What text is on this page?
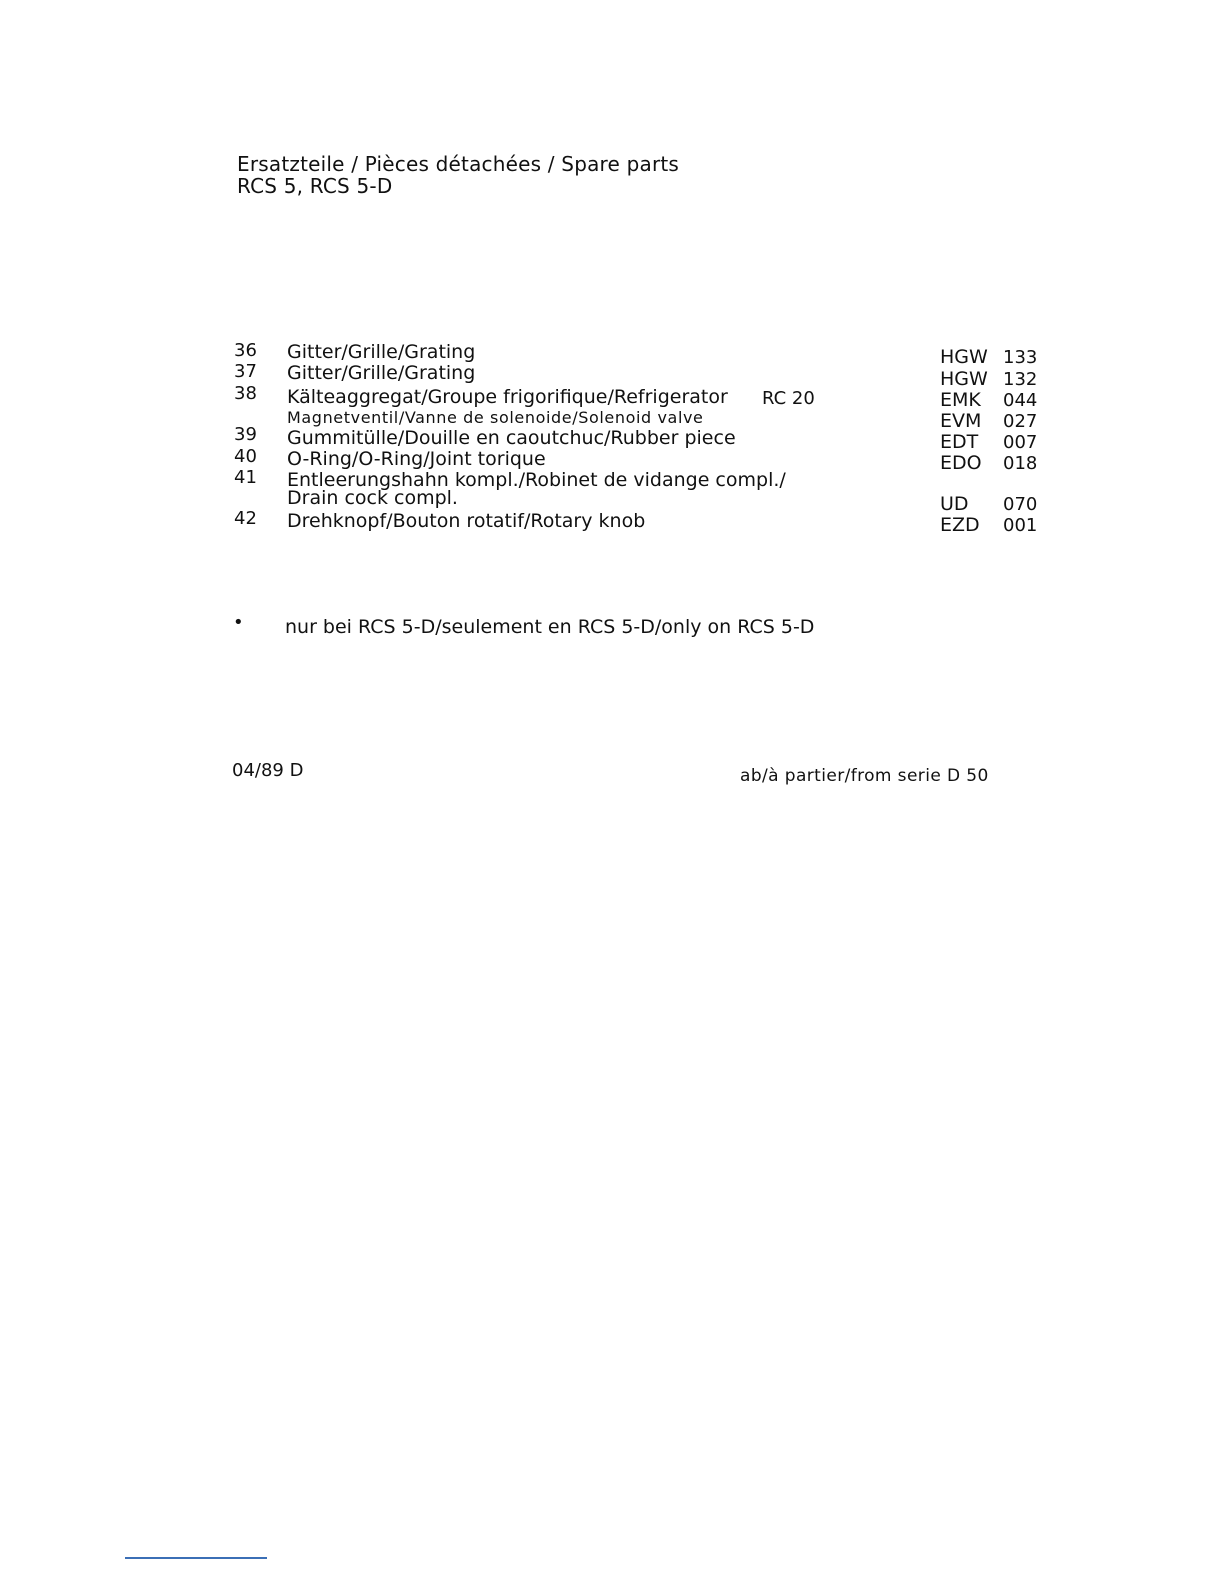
Ersatzteile / Pièces détachées / Spare parts
RCS 5, RCS 5-D
36 Gitter/Grille/Grating	HGW 133
37 Gitter/Grille/Grating	HGW 132
38 Kälteaggregat/Groupe frigorifique/Refrigerator RC 20	EMK 044
Magnetventil/Vanne de solenoide/Solenoid valve	EVM 027
39 Gummitülle/Douille en caoutchuc/Rubber piece	EDT 007
40 O-Ring/O-Ring/Joint torique	EDO 018
41 Entleerungshahn kompl./Robinet de vidange compl./
Drain cock compl.	UD 070
42 Drehknopf/Bouton rotatif/Rotary knob	EZD 001
• nur bei RCS 5-D/seulement en RCS 5-D/only on RCS 5-D
04/89 D	ab/à partier/from serie D 50
